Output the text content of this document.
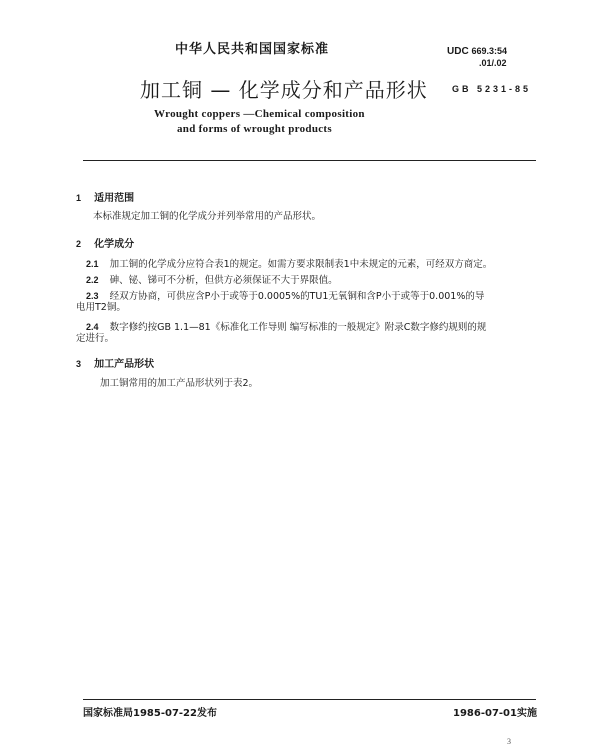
中华人民共和国国家标准	UDC 669.3:54
.01/.02
加工铜 — 化学成分和产品形状	GB 5231-85
Wrought coppers —Chemical composition
and forms of wrought products
1 适用范围
本标准规定加工铜的化学成分并列举常用的产品形状。
2 化学成分
2.1 加工铜的化学成分应符合表1的规定。如需方要求限制表1中未规定的元素，可经双方商定。
2.2 砷、铋、锑可不分析，但供方必须保证不大于界限值。
2.3 经双方协商，可供应含P小于或等于0.0005%的TU1无氧铜和含P小于或等于0.001%的导
电用T2铜。
2.4 数字修约按GB 1.1—81《标准化工作导则 编写标准的一般规定》附录C数字修约规则的规
定进行。
3 加工产品形状
加工铜常用的加工产品形状列于表2。
国家标准局1985-07-22发布	1986-07-01实施
3
